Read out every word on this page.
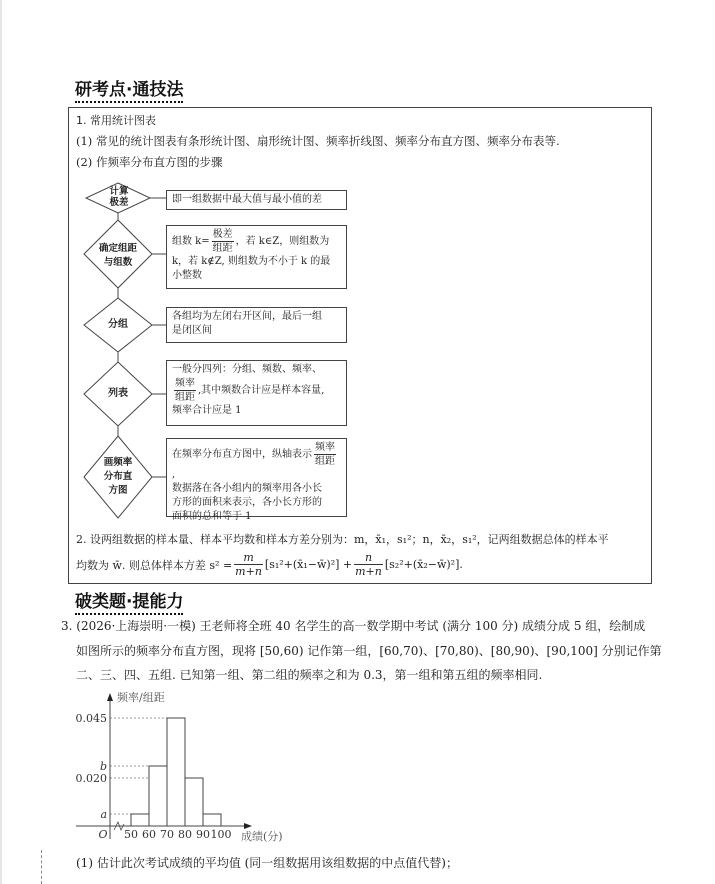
研考点·通技法
1. 常用统计图表
(1) 常见的统计图表有条形统计图、扇形统计图、频率折线图、频率分布直方图、频率分布表等.
(2) 作频率分布直方图的步骤
计算
极差
确定组距
与组数
分组
列表
画频率
分布直
方图
即一组数据中最大值与最小值的差
组数 $k= \frac{\text{极差}}{\text{组距}}$ ，若 k∈Z，则组数为
k，若 k∉Z, 则组数为不小于 k 的最
小整数
各组均为左闭右开区间，最后一组
是闭区间
一般分四列：分组、频数、频率、
$\frac{\text{频率}}{\text{组距}}$ ,其中频数合计应是样本容量,
频率合计应是 1
在频率分布直方图中，纵轴表示 $\frac{\text{频率}}{\text{组距}}$
,
数据落在各小组内的频率用各小长
方形的面积来表示，各小长方形的
面积的总和等于 1
2. 设两组数据的样本量、样本平均数和样本方差分别为：m，x̄₁，s₁²；n，x̄₂，s₁²，记两组数据总体的样本平
均数为 w̄. 则总体样本方差 $s^2 = \frac{m}{m+n}$ [s₁²+(x̄₁−w̄)²] + $\frac{n}{m+n}$ [s₂²+(x̄₂−w̄)²].
破类题·提能力
3. (2026·上海崇明·一模) 王老师将全班 40 名学生的高一数学期中考试 (满分 100 分) 成绩分成 5 组，绘制成
如图所示的频率分布直方图，现将 [50,60) 记作第一组，[60,70)、[70,80)、[80,90)、[90,100] 分别记作第
二、三、四、五组. 已知第一组、第二组的频率之和为 0.3，第一组和第五组的频率相同.
a
0.020
b
0.045
50 60 70 80 90 100
O	成绩(分)
频率/组距
(1) 估计此次考试成绩的平均值 (同一组数据用该组数据的中点值代替)；
